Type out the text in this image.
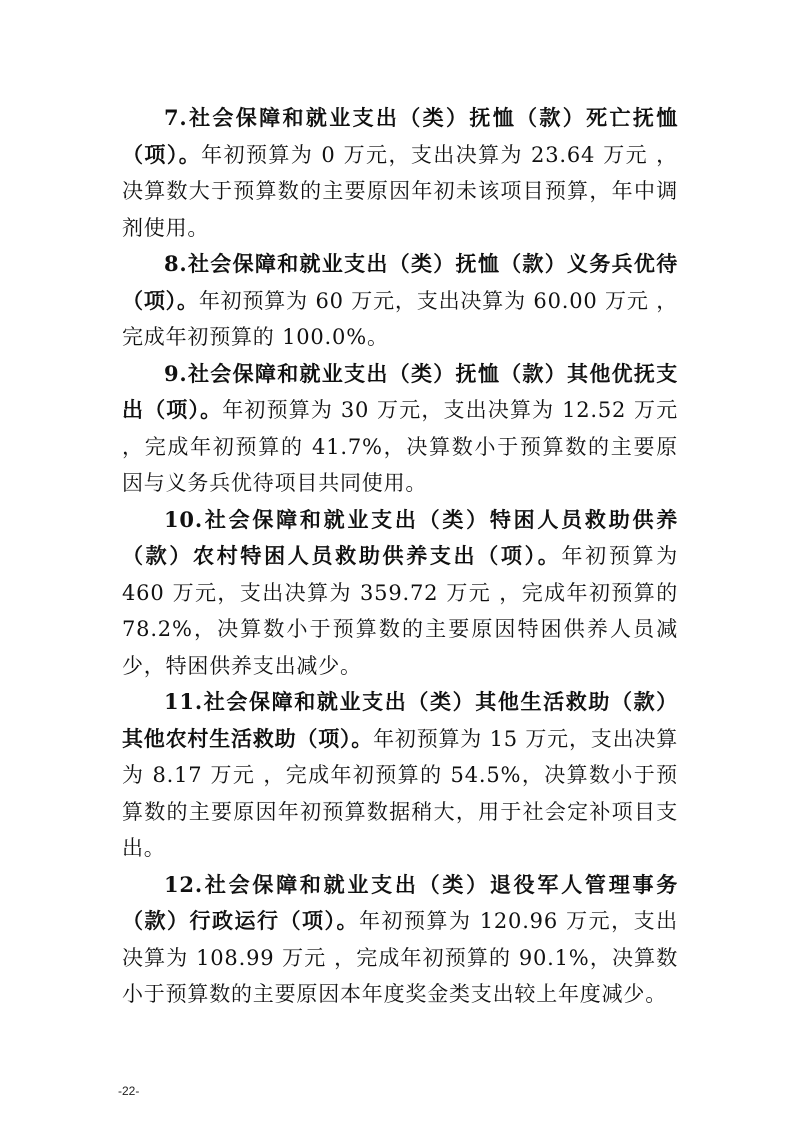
7.社会保障和就业支出（类）抚恤（款）死亡抚恤（项）。年初预算为 0 万元，支出决算为 23.64 万元 ，决算数大于预算数的主要原因年初未该项目预算，年中调剂使用。

8.社会保障和就业支出（类）抚恤（款）义务兵优待（项）。年初预算为 60 万元，支出决算为 60.00 万元 ，完成年初预算的 100.0%。

9.社会保障和就业支出（类）抚恤（款）其他优抚支出（项）。年初预算为 30 万元，支出决算为 12.52 万元 ，完成年初预算的 41.7%，决算数小于预算数的主要原因与义务兵优待项目共同使用。

10.社会保障和就业支出（类）特困人员救助供养（款）农村特困人员救助供养支出（项）。年初预算为 460 万元，支出决算为 359.72 万元 ，完成年初预算的 78.2%，决算数小于预算数的主要原因特困供养人员减少，特困供养支出减少。

11.社会保障和就业支出（类）其他生活救助（款）其他农村生活救助（项）。年初预算为 15 万元，支出决算为 8.17 万元 ，完成年初预算的 54.5%，决算数小于预算数的主要原因年初预算数据稍大，用于社会定补项目支出。

12.社会保障和就业支出（类）退役军人管理事务（款）行政运行（项）。年初预算为 120.96 万元，支出决算为 108.99 万元 ，完成年初预算的 90.1%，决算数小于预算数的主要原因本年度奖金类支出较上年度减少。

-22-
